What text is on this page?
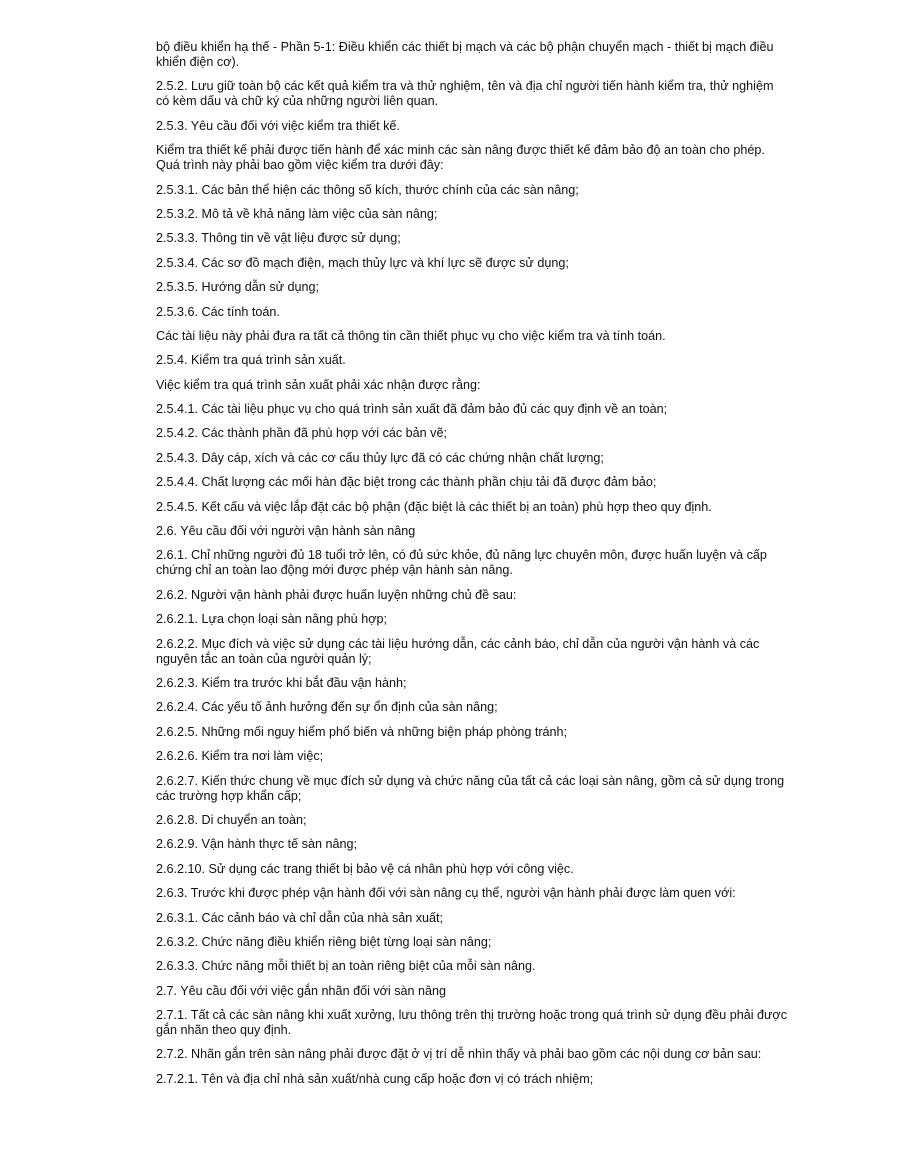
bộ điều khiển hạ thế - Phần 5-1: Điều khiển các thiết bị mạch và các bộ phận chuyển mạch - thiết bị mạch điều khiển điện cơ).

2.5.2. Lưu giữ toàn bộ các kết quả kiểm tra và thử nghiệm, tên và địa chỉ người tiến hành kiểm tra, thử nghiệm có kèm dấu và chữ ký của những người liên quan.

2.5.3. Yêu cầu đối với việc kiểm tra thiết kế.

Kiểm tra thiết kế phải được tiến hành để xác minh các sàn nâng được thiết kế đảm bảo độ an toàn cho phép. Quá trình này phải bao gồm việc kiểm tra dưới đây:

2.5.3.1. Các bản thể hiện các thông số kích, thước chính của các sàn nâng;

2.5.3.2. Mô tả về khả năng làm việc của sàn nâng;

2.5.3.3. Thông tin về vật liệu được sử dụng;

2.5.3.4. Các sơ đồ mạch điện, mạch thủy lực và khí lực sẽ được sử dụng;

2.5.3.5. Hướng dẫn sử dụng;

2.5.3.6. Các tính toán.

Các tài liệu này phải đưa ra tất cả thông tin cần thiết phục vụ cho việc kiểm tra và tính toán.

2.5.4. Kiểm tra quá trình sản xuất.

Việc kiểm tra quá trình sản xuất phải xác nhận được rằng:

2.5.4.1. Các tài liệu phục vụ cho quá trình sản xuất đã đảm bảo đủ các quy định về an toàn;

2.5.4.2. Các thành phần đã phù hợp với các bản vẽ;

2.5.4.3. Dây cáp, xích và các cơ cấu thủy lực đã có các chứng nhận chất lượng;

2.5.4.4. Chất lượng các mối hàn đặc biệt trong các thành phần chịu tải đã được đảm bảo;

2.5.4.5. Kết cấu và việc lắp đặt các bộ phận (đặc biệt là các thiết bị an toàn) phù hợp theo quy định.

2.6. Yêu cầu đối với người vận hành sàn nâng

2.6.1. Chỉ những người đủ 18 tuổi trở lên, có đủ sức khỏe, đủ năng lực chuyên môn, được huấn luyện và cấp chứng chỉ an toàn lao động mới được phép vận hành sàn nâng.

2.6.2. Người vận hành phải được huấn luyện những chủ đề sau:

2.6.2.1. Lựa chọn loại sàn nâng phù hợp;

2.6.2.2. Mục đích và việc sử dụng các tài liệu hướng dẫn, các cảnh báo, chỉ dẫn của người vận hành và các nguyên tắc an toàn của người quản lý;

2.6.2.3. Kiểm tra trước khi bắt đầu vận hành;

2.6.2.4. Các yếu tố ảnh hưởng đến sự ổn định của sàn nâng;

2.6.2.5. Những mối nguy hiểm phổ biến và những biện pháp phòng tránh;

2.6.2.6. Kiểm tra nơi làm việc;

2.6.2.7. Kiến thức chung về mục đích sử dụng và chức năng của tất cả các loại sàn nâng, gồm cả sử dụng trong các trường hợp khẩn cấp;

2.6.2.8. Di chuyển an toàn;

2.6.2.9. Vận hành thực tế sàn nâng;

2.6.2.10. Sử dụng các trang thiết bị bảo vệ cá nhân phù hợp với công việc.

2.6.3. Trước khi được phép vận hành đối với sàn nâng cụ thể, người vận hành phải được làm quen với:

2.6.3.1. Các cảnh báo và chỉ dẫn của nhà sản xuất;

2.6.3.2. Chức năng điều khiển riêng biệt từng loại sàn nâng;

2.6.3.3. Chức năng mỗi thiết bị an toàn riêng biệt của mỗi sàn nâng.

2.7. Yêu cầu đối với việc gắn nhãn đối với sàn nâng

2.7.1. Tất cả các sàn nâng khi xuất xưởng, lưu thông trên thị trường hoặc trong quá trình sử dụng đều phải được gắn nhãn theo quy định.

2.7.2. Nhãn gắn trên sàn nâng phải được đặt ở vị trí dễ nhìn thấy và phải bao gồm các nội dung cơ bản sau:

2.7.2.1. Tên và địa chỉ nhà sản xuất/nhà cung cấp hoặc đơn vị có trách nhiệm;
